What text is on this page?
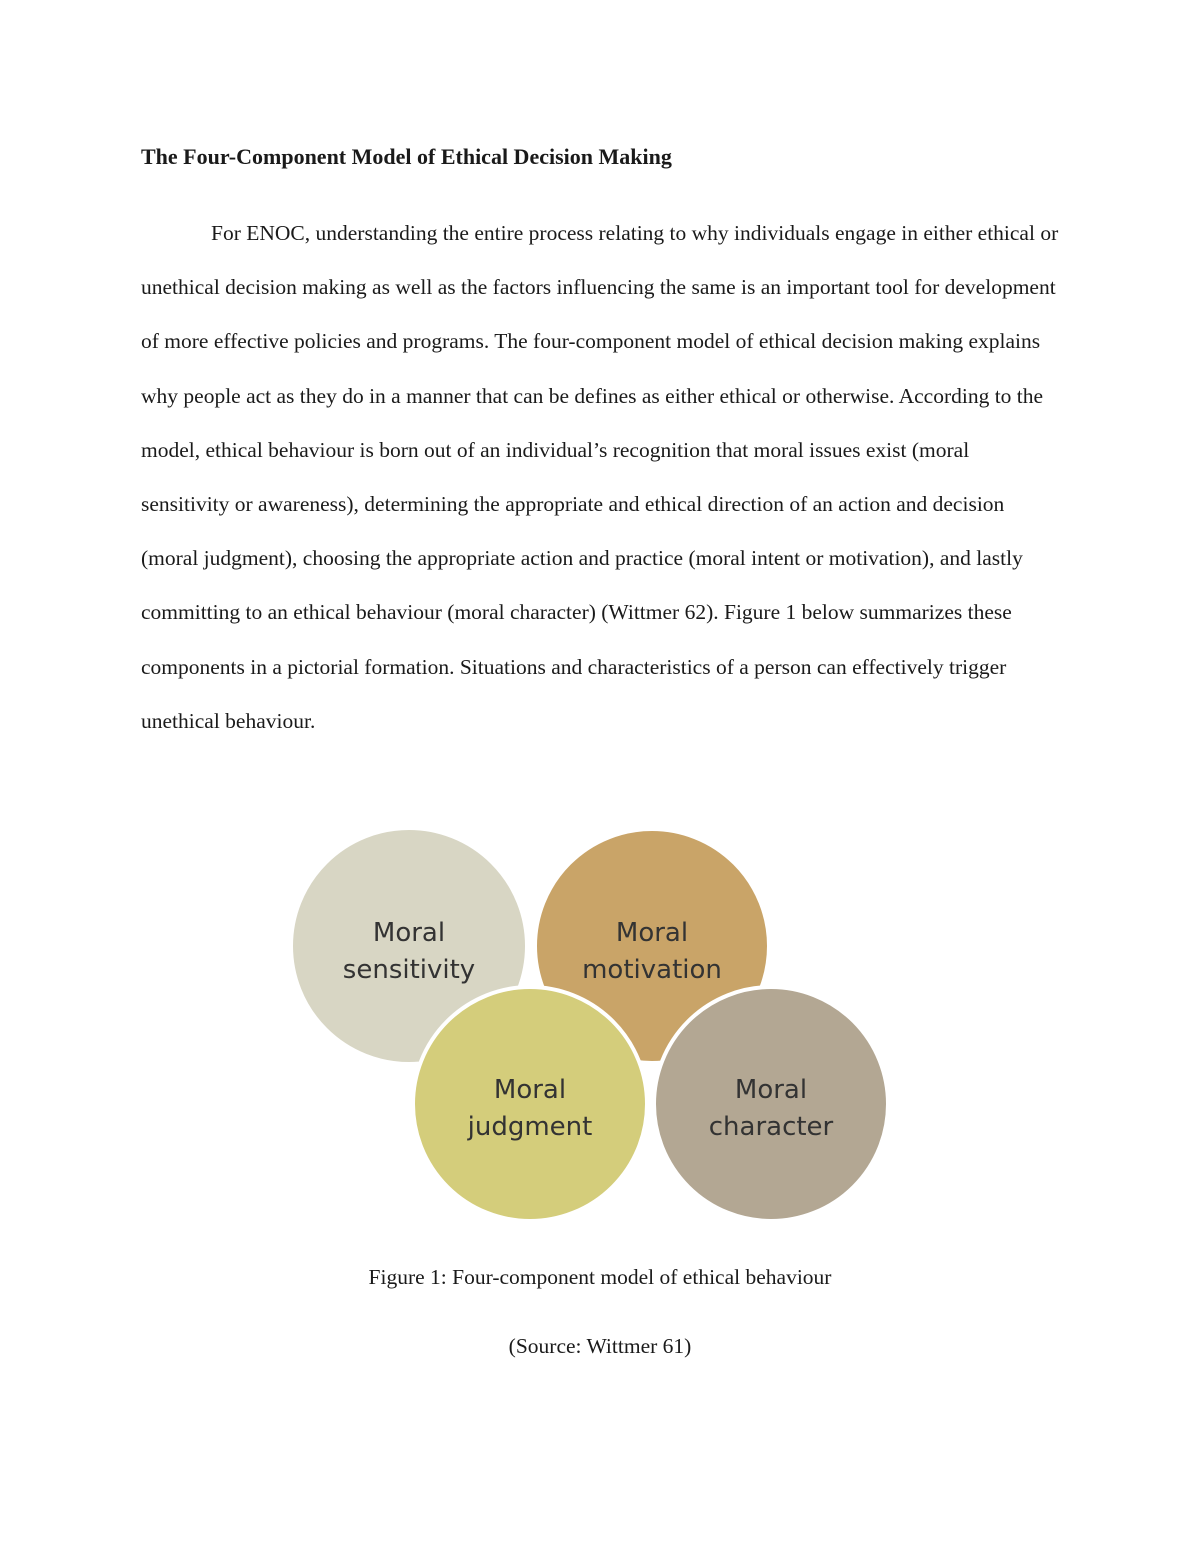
The Four-Component Model of Ethical Decision Making

For ENOC, understanding the entire process relating to why individuals engage in either ethical or unethical decision making as well as the factors influencing the same is an important tool for development of more effective policies and programs. The four-component model of ethical decision making explains why people act as they do in a manner that can be defines as either ethical or otherwise. According to the model, ethical behaviour is born out of an individual’s recognition that moral issues exist (moral sensitivity or awareness), determining the appropriate and ethical direction of an action and decision (moral judgment), choosing the appropriate action and practice (moral intent or motivation), and lastly committing to an ethical behaviour (moral character) (Wittmer 62). Figure 1 below summarizes these components in a pictorial formation. Situations and characteristics of a person can effectively trigger unethical behaviour.

Moral
sensitivity
Moral
motivation
Moral
judgment
Moral
character

Figure 1: Four-component model of ethical behaviour

(Source: Wittmer 61)
